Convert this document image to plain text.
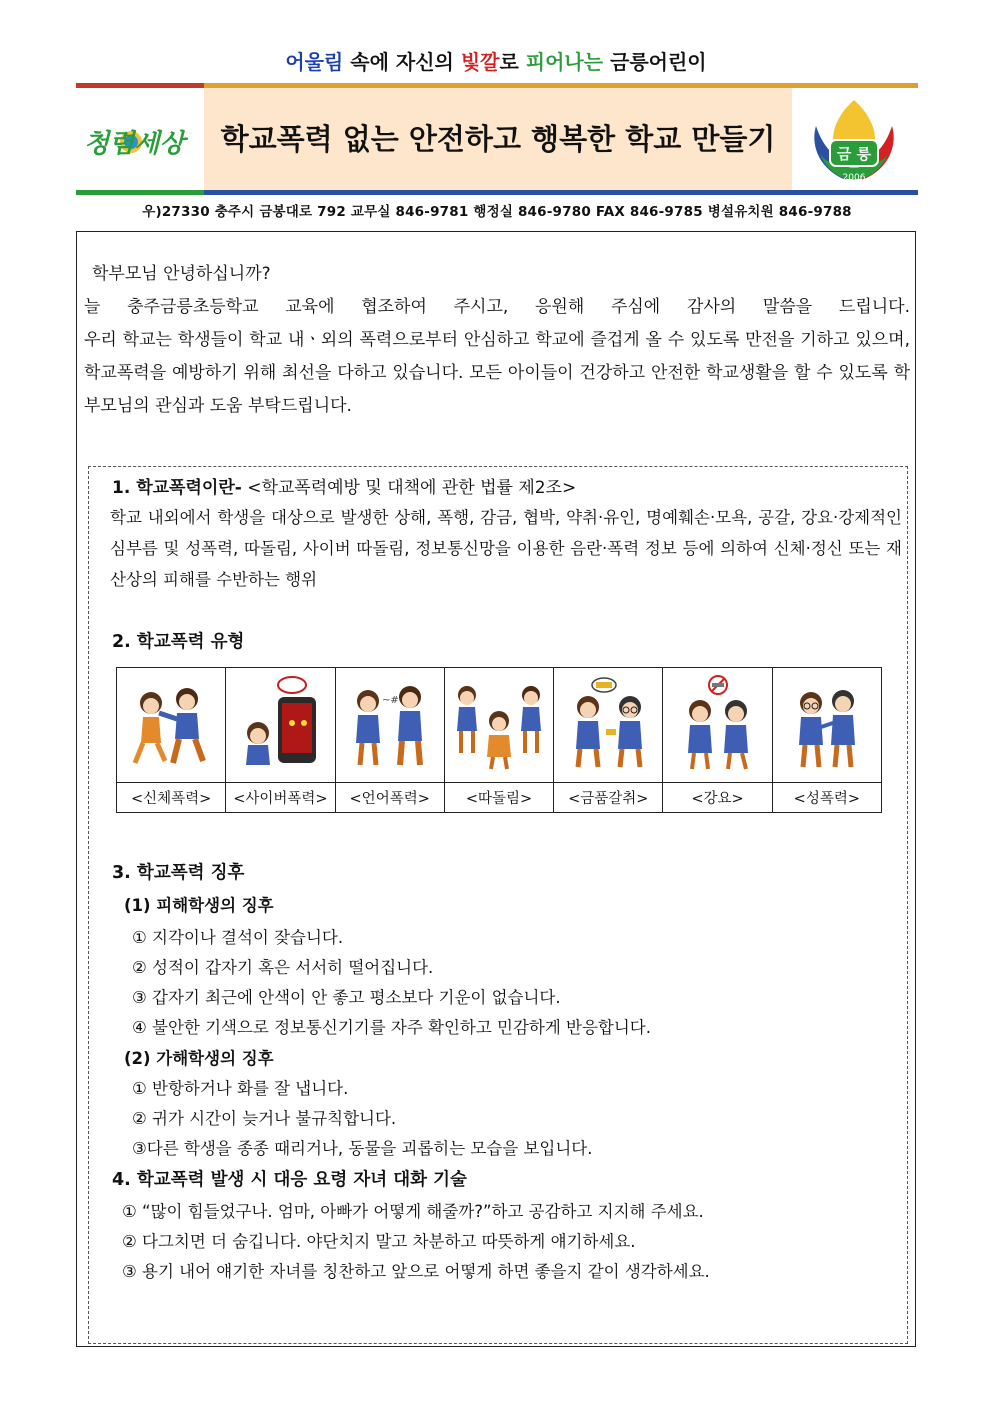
어울림 속에 자신의 빛깔로 피어나는 금릉어린이
청렴세상	학교폭력 없는 안전하고 행복한 학교 만들기	금 릉
2006
우)27330 충주시 금봉대로 792 교무실 846-9781 행정실 846-9780 FAX 846-9785 병설유치원 846-9788

학부모님 안녕하십니까?

늘 충주금릉초등학교 교육에 협조하여 주시고, 응원해 주심에 감사의 말씀을 드립니다.

우리 학교는 학생들이 학교 내ㆍ외의 폭력으로부터 안심하고 학교에 즐겁게 올 수 있도록 만전을 기하고 있으며, 학교폭력을 예방하기 위해 최선을 다하고 있습니다. 모든 아이들이 건강하고 안전한 학교생활을 할 수 있도록 학부모님의 관심과 도움 부탁드립니다.

1. 학교폭력이란- <학교폭력예방 및 대책에 관한 법률 제2조>
학교 내외에서 학생을 대상으로 발생한 상해, 폭행, 감금, 협박, 약취·유인, 명예훼손·모욕, 공갈, 강요·강제적인 심부름 및 성폭력, 따돌림, 사이버 따돌림, 정보통신망을 이용한 음란·폭력 정보 등에 의하여 신체·정신 또는 재산상의 피해를 수반하는 행위
2. 학교폭력 유형

~#

<신체폭력>	<사이버폭력>	<언어폭력>	<따돌림>	<금품갈취>	<강요>	<성폭력>
3. 학교폭력 징후
(1) 피해학생의 징후
① 지각이나 결석이 잦습니다.
② 성적이 갑자기 혹은 서서히 떨어집니다.
③ 갑자기 최근에 안색이 안 좋고 평소보다 기운이 없습니다.
④ 불안한 기색으로 정보통신기기를 자주 확인하고 민감하게 반응합니다.
(2) 가해학생의 징후
① 반항하거나 화를 잘 냅니다.
② 귀가 시간이 늦거나 불규칙합니다.
③다른 학생을 종종 때리거나, 동물을 괴롭히는 모습을 보입니다.
4. 학교폭력 발생 시 대응 요령 자녀 대화 기술
① “많이 힘들었구나. 엄마, 아빠가 어떻게 해줄까?”하고 공감하고 지지해 주세요.
② 다그치면 더 숨깁니다. 야단치지 말고 차분하고 따뜻하게 얘기하세요.
③ 용기 내어 얘기한 자녀를 칭찬하고 앞으로 어떻게 하면 좋을지 같이 생각하세요.
